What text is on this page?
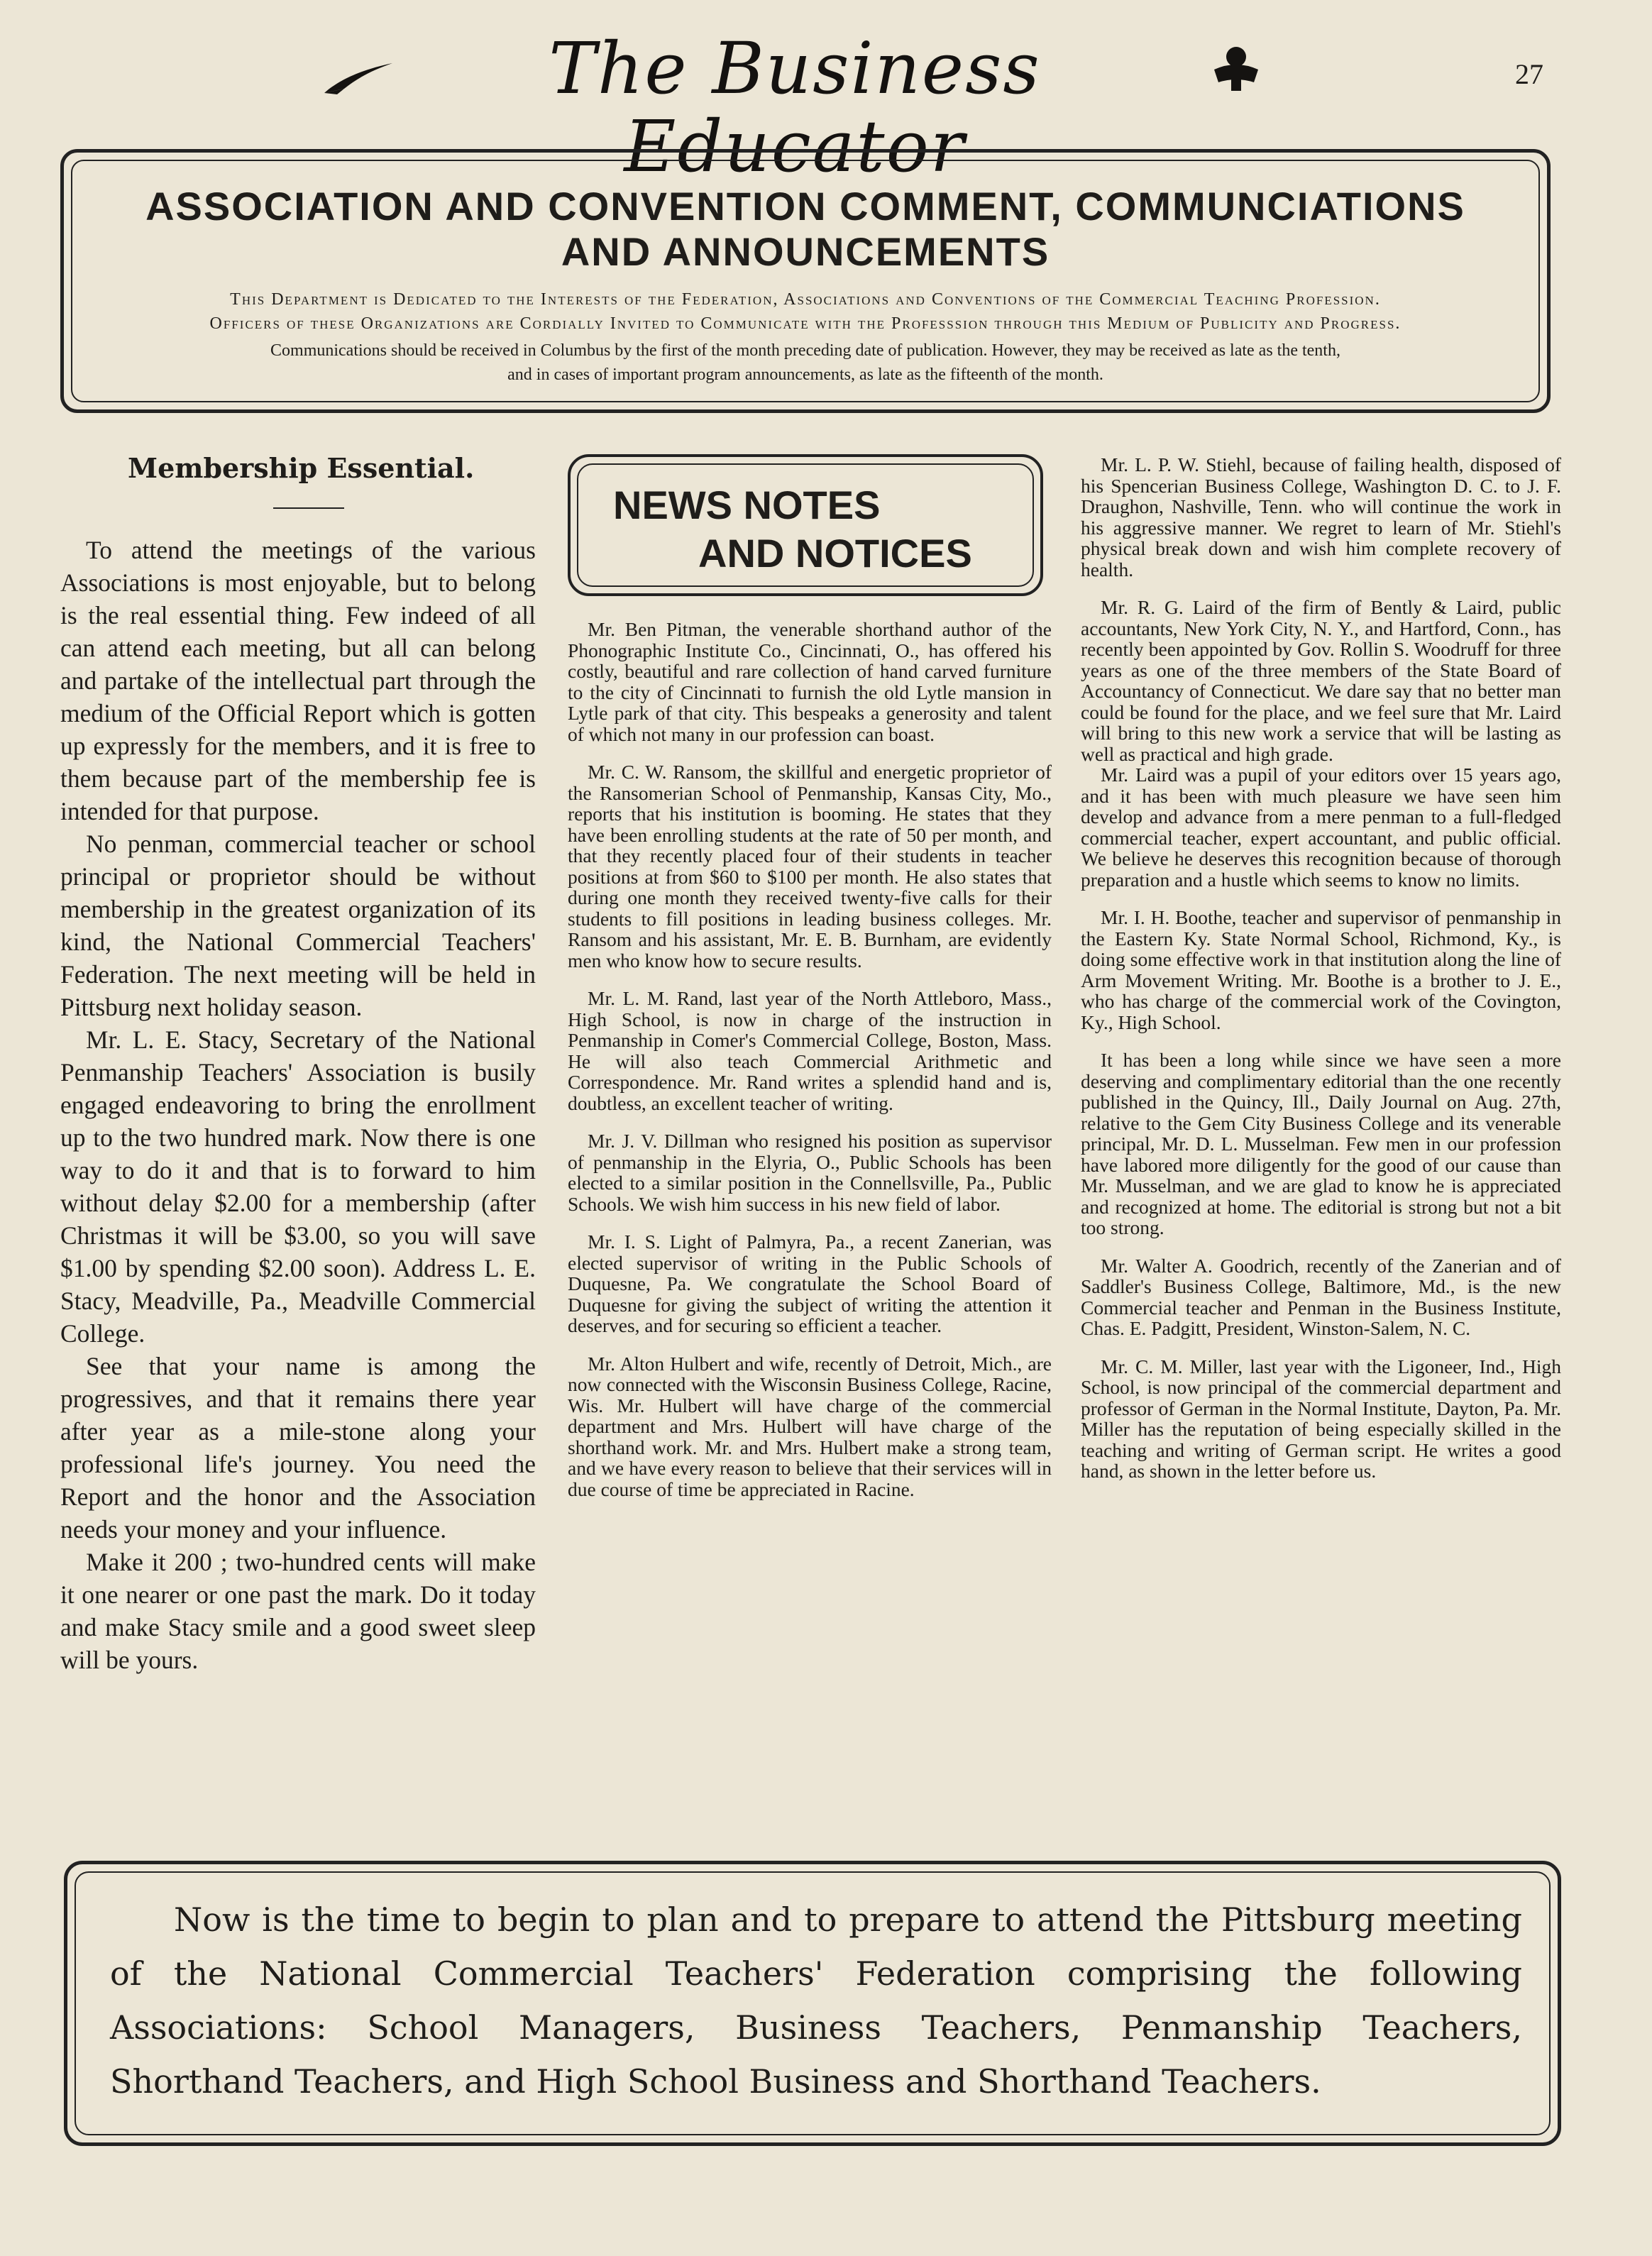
The Business Educator
27
ASSOCIATION AND CONVENTION COMMENT, COMMUNCIATIONS
AND ANNOUNCEMENTS
This Department is Dedicated to the Interests of the Federation, Associations and Conventions of the Commercial Teaching Profession.
Officers of these Organizations are Cordially Invited to Communicate with the Professsion through this Medium of Publicity and Progress.
Communications should be received in Columbus by the first of the month preceding date of publication. However, they may be received as late as the tenth,
and in cases of important program announcements, as late as the fifteenth of the month.
Membership Essential.

To attend the meetings of the various Associations is most enjoyable, but to belong is the real essential thing. Few indeed of all can attend each meeting, but all can belong and partake of the intellectual part through the medium of the Official Report which is gotten up expressly for the members, and it is free to them because part of the membership fee is intended for that purpose.

No penman, commercial teacher or school principal or proprietor should be without membership in the greatest organization of its kind, the National Commercial Teachers' Federation. The next meeting will be held in Pittsburg next holiday season.

Mr. L. E. Stacy, Secretary of the National Penmanship Teachers' Association is busily engaged endeavoring to bring the enrollment up to the two hundred mark. Now there is one way to do it and that is to forward to him without delay $2.00 for a membership (after Christmas it will be $3.00, so you will save $1.00 by spending $2.00 soon). Address L. E. Stacy, Meadville, Pa., Meadville Commercial College.

See that your name is among the progressives, and that it remains there year after year as a mile-stone along your professional life's journey. You need the Report and the honor and the Association needs your money and your influence.

Make it 200 ; two-hundred cents will make it one nearer or one past the mark. Do it today and make Stacy smile and a good sweet sleep will be yours.

NEWS NOTES
AND NOTICES

Mr. Ben Pitman, the venerable shorthand author of the Phonographic Institute Co., Cincinnati, O., has offered his costly, beautiful and rare collection of hand carved furniture to the city of Cincinnati to furnish the old Lytle mansion in Lytle park of that city. This bespeaks a generosity and talent of which not many in our profession can boast.

Mr. C. W. Ransom, the skillful and energetic proprietor of the Ransomerian School of Penmanship, Kansas City, Mo., reports that his institution is booming. He states that they have been enrolling students at the rate of 50 per month, and that they recently placed four of their students in teacher positions at from $60 to $100 per month. He also states that during one month they received twenty-five calls for their students to fill positions in leading business colleges. Mr. Ransom and his assistant, Mr. E. B. Burnham, are evidently men who know how to secure results.

Mr. L. M. Rand, last year of the North Attleboro, Mass., High School, is now in charge of the instruction in Penmanship in Comer's Commercial College, Boston, Mass. He will also teach Commercial Arithmetic and Correspondence. Mr. Rand writes a splendid hand and is, doubtless, an excellent teacher of writing.

Mr. J. V. Dillman who resigned his position as supervisor of penmanship in the Elyria, O., Public Schools has been elected to a similar position in the Connellsville, Pa., Public Schools. We wish him success in his new field of labor.

Mr. I. S. Light of Palmyra, Pa., a recent Zanerian, was elected supervisor of writing in the Public Schools of Duquesne, Pa. We congratulate the School Board of Duquesne for giving the subject of writing the attention it deserves, and for securing so efficient a teacher.

Mr. Alton Hulbert and wife, recently of Detroit, Mich., are now connected with the Wisconsin Business College, Racine, Wis. Mr. Hulbert will have charge of the commercial department and Mrs. Hulbert will have charge of the shorthand work. Mr. and Mrs. Hulbert make a strong team, and we have every reason to believe that their services will in due course of time be appreciated in Racine.

Mr. L. P. W. Stiehl, because of failing health, disposed of his Spencerian Business College, Washington D. C. to J. F. Draughon, Nashville, Tenn. who will continue the work in his aggressive manner. We regret to learn of Mr. Stiehl's physical break down and wish him complete recovery of health.

Mr. R. G. Laird of the firm of Bently & Laird, public accountants, New York City, N. Y., and Hartford, Conn., has recently been appointed by Gov. Rollin S. Woodruff for three years as one of the three members of the State Board of Accountancy of Connecticut. We dare say that no better man could be found for the place, and we feel sure that Mr. Laird will bring to this new work a service that will be lasting as well as practical and high grade.

Mr. Laird was a pupil of your editors over 15 years ago, and it has been with much pleasure we have seen him develop and advance from a mere penman to a full-fledged commercial teacher, expert accountant, and public official. We believe he deserves this recognition because of thorough preparation and a hustle which seems to know no limits.

Mr. I. H. Boothe, teacher and supervisor of penmanship in the Eastern Ky. State Normal School, Richmond, Ky., is doing some effective work in that institution along the line of Arm Movement Writing. Mr. Boothe is a brother to J. E., who has charge of the commercial work of the Covington, Ky., High School.

It has been a long while since we have seen a more deserving and complimentary editorial than the one recently published in the Quincy, Ill., Daily Journal on Aug. 27th, relative to the Gem City Business College and its venerable principal, Mr. D. L. Musselman. Few men in our profession have labored more diligently for the good of our cause than Mr. Musselman, and we are glad to know he is appreciated and recognized at home. The editorial is strong but not a bit too strong.

Mr. Walter A. Goodrich, recently of the Zanerian and of Saddler's Business College, Baltimore, Md., is the new Commercial teacher and Penman in the Business Institute, Chas. E. Padgitt, President, Winston-Salem, N. C.

Mr. C. M. Miller, last year with the Ligoneer, Ind., High School, is now principal of the commercial department and professor of German in the Normal Institute, Dayton, Pa. Mr. Miller has the reputation of being especially skilled in the teaching and writing of German script. He writes a good hand, as shown in the letter before us.

Now is the time to begin to plan and to prepare to attend the Pittsburg meeting of the National Commercial Teachers' Federation comprising the following Associations: School Managers, Business Teachers, Penmanship Teachers, Shorthand Teachers, and High School Business and Shorthand Teachers.
